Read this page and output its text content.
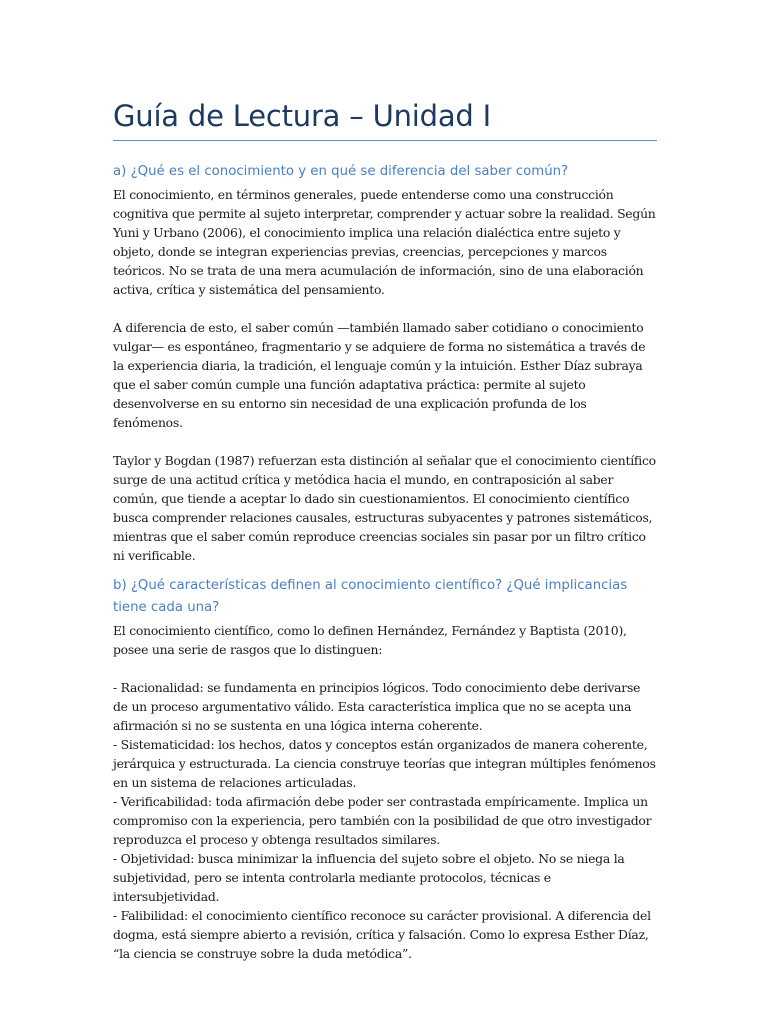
Guía de Lectura – Unidad I
a) ¿Qué es el conocimiento y en qué se diferencia del saber común?

El conocimiento, en términos generales, puede entenderse como una construcción cognitiva que permite al sujeto interpretar, comprender y actuar sobre la realidad. Según Yuni y Urbano (2006), el conocimiento implica una relación dialéctica entre sujeto y objeto, donde se integran experiencias previas, creencias, percepciones y marcos teóricos. No se trata de una mera acumulación de información, sino de una elaboración activa, crítica y sistemática del pensamiento.

A diferencia de esto, el saber común —también llamado saber cotidiano o conocimiento vulgar— es espontáneo, fragmentario y se adquiere de forma no sistemática a través de la experiencia diaria, la tradición, el lenguaje común y la intuición. Esther Díaz subraya que el saber común cumple una función adaptativa práctica: permite al sujeto desenvolverse en su entorno sin necesidad de una explicación profunda de los fenómenos.

Taylor y Bogdan (1987) refuerzan esta distinción al señalar que el conocimiento científico surge de una actitud crítica y metódica hacia el mundo, en contraposición al saber común, que tiende a aceptar lo dado sin cuestionamientos. El conocimiento científico busca comprender relaciones causales, estructuras subyacentes y patrones sistemáticos, mientras que el saber común reproduce creencias sociales sin pasar por un filtro crítico ni verificable.

b) ¿Qué características definen al conocimiento científico? ¿Qué implicancias tiene cada una?

El conocimiento científico, como lo definen Hernández, Fernández y Baptista (2010), posee una serie de rasgos que lo distinguen:

- Racionalidad: se fundamenta en principios lógicos. Todo conocimiento debe derivarse de un proceso argumentativo válido. Esta característica implica que no se acepta una afirmación si no se sustenta en una lógica interna coherente.

- Sistematicidad: los hechos, datos y conceptos están organizados de manera coherente, jerárquica y estructurada. La ciencia construye teorías que integran múltiples fenómenos en un sistema de relaciones articuladas.

- Verificabilidad: toda afirmación debe poder ser contrastada empíricamente. Implica un compromiso con la experiencia, pero también con la posibilidad de que otro investigador reproduzca el proceso y obtenga resultados similares.

- Objetividad: busca minimizar la influencia del sujeto sobre el objeto. No se niega la subjetividad, pero se intenta controlarla mediante protocolos, técnicas e intersubjetividad.

- Falibilidad: el conocimiento científico reconoce su carácter provisional. A diferencia del dogma, está siempre abierto a revisión, crítica y falsación. Como lo expresa Esther Díaz, “la ciencia se construye sobre la duda metódica”.
